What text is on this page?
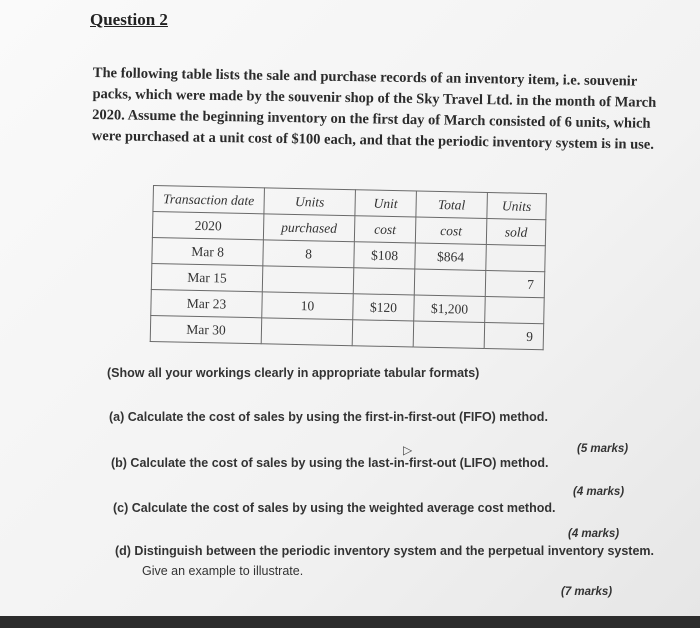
Question 2
The following table lists the sale and purchase records of an inventory item, i.e. souvenir packs, which were made by the souvenir shop of the Sky Travel Ltd. in the month of March 2020. Assume the beginning inventory on the first day of March consisted of 6 units, which were purchased at a unit cost of $100 each, and that the periodic inventory system is in use.
Transaction date	Units	Unit	Total	Units
2020	purchased	cost	cost	sold
Mar 8	8	$108	$864	
Mar 15				7
Mar 23	10	$120	$1,200	
Mar 30				9
(Show all your workings clearly in appropriate tabular formats)
(a) Calculate the cost of sales by using the first-in-first-out (FIFO) method.
(5 marks)
▷
(b) Calculate the cost of sales by using the last-in-first-out (LIFO) method.
(4 marks)
(c) Calculate the cost of sales by using the weighted average cost method.
(4 marks)
(d) Distinguish between the periodic inventory system and the perpetual inventory system.
Give an example to illustrate.
(7 marks)
